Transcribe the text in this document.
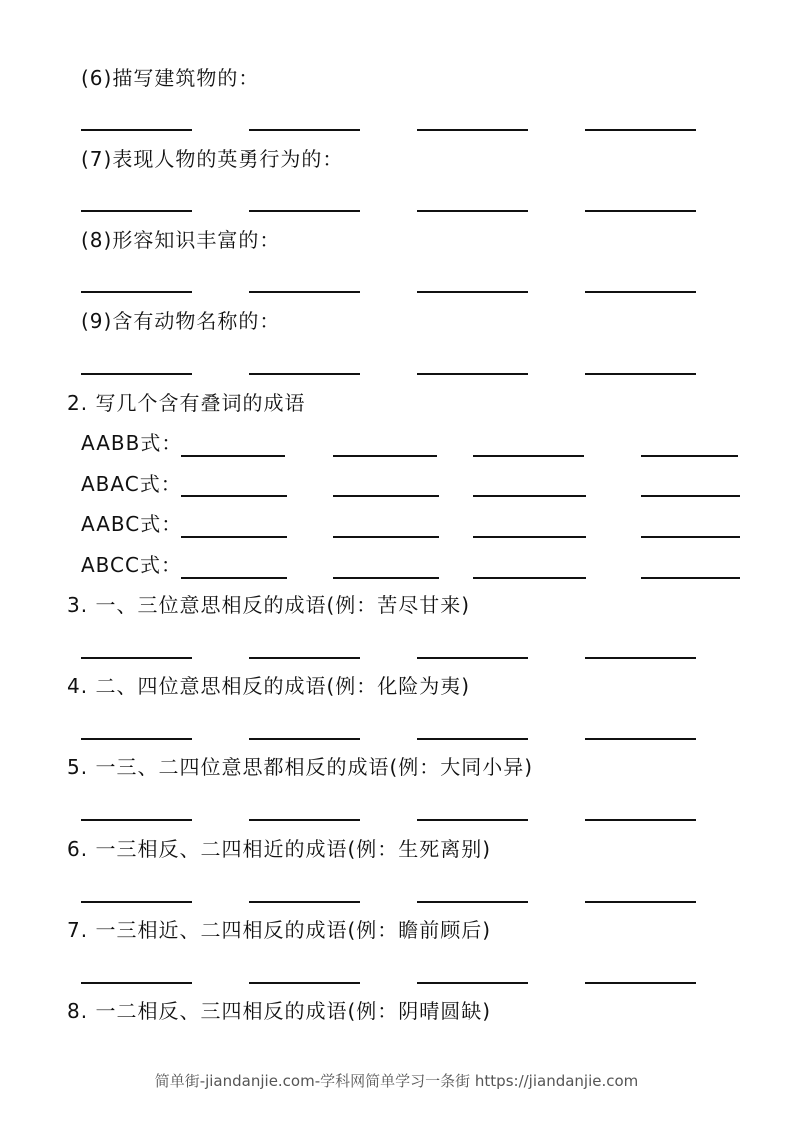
简单街-jiandanjie.com-学科网简单学习一条街 https://jiandanjie.com
(6)描写建筑物的：
(7)表现人物的英勇行为的：
(8)形容知识丰富的：
(9)含有动物名称的：
2. 写几个含有叠词的成语
AABB式：
ABAC式：
AABC式：
ABCC式：
3. 一、三位意思相反的成语(例：苦尽甘来)
4. 二、四位意思相反的成语(例：化险为夷)
5. 一三、二四位意思都相反的成语(例：大同小异)
6. 一三相反、二四相近的成语(例：生死离别)
7. 一三相近、二四相反的成语(例：瞻前顾后)
8. 一二相反、三四相反的成语(例：阴晴圆缺)
